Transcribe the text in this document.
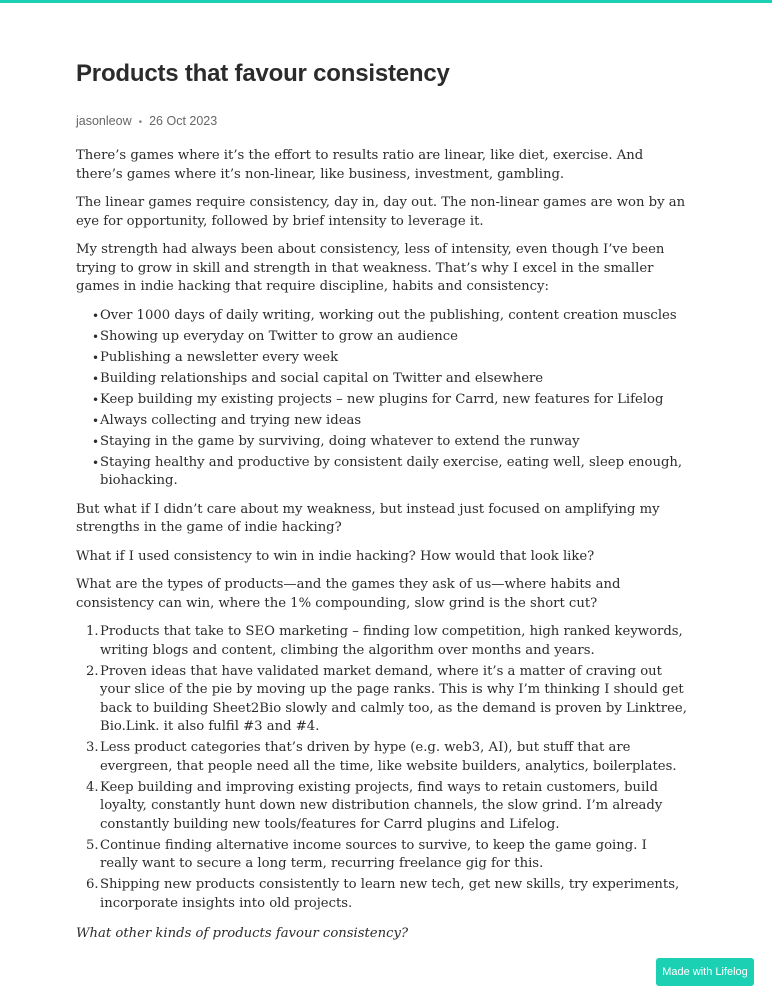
Products that favour consistency
jasonleow • 26 Oct 2023

There’s games where it’s the effort to results ratio are linear, like diet, exercise. And there’s games where it’s non-linear, like business, investment, gambling.

The linear games require consistency, day in, day out. The non-linear games are won by an eye for opportunity, followed by brief intensity to leverage it.

My strength had always been about consistency, less of intensity, even though I’ve been trying to grow in skill and strength in that weakness. That’s why I excel in the smaller games in indie hacking that require discipline, habits and consistency:

• Over 1000 days of daily writing, working out the publishing, content creation muscles
• Showing up everyday on Twitter to grow an audience
• Publishing a newsletter every week
• Building relationships and social capital on Twitter and elsewhere
• Keep building my existing projects – new plugins for Carrd, new features for Lifelog
• Always collecting and trying new ideas
• Staying in the game by surviving, doing whatever to extend the runway
• Staying healthy and productive by consistent daily exercise, eating well, sleep enough, biohacking.

But what if I didn’t care about my weakness, but instead just focused on amplifying my strengths in the game of indie hacking?

What if I used consistency to win in indie hacking? How would that look like?

What are the types of products—and the games they ask of us—where habits and consistency can win, where the 1% compounding, slow grind is the short cut?

Products that take to SEO marketing – finding low competition, high ranked keywords, writing blogs and content, climbing the algorithm over months and years.
Proven ideas that have validated market demand, where it’s a matter of craving out your slice of the pie by moving up the page ranks. This is why I’m thinking I should get back to building Sheet2Bio slowly and calmly too, as the demand is proven by Linktree, Bio.Link. it also fulfil #3 and #4.
Less product categories that’s driven by hype (e.g. web3, AI), but stuff that are evergreen, that people need all the time, like website builders, analytics, boilerplates.
Keep building and improving existing projects, find ways to retain customers, build loyalty, constantly hunt down new distribution channels, the slow grind. I’m already constantly building new tools/features for Carrd plugins and Lifelog.
Continue finding alternative income sources to survive, to keep the game going. I really want to secure a long term, recurring freelance gig for this.
Shipping new products consistently to learn new tech, get new skills, try experiments, incorporate insights into old projects.

What other kinds of products favour consistency?

Made with Lifelog
